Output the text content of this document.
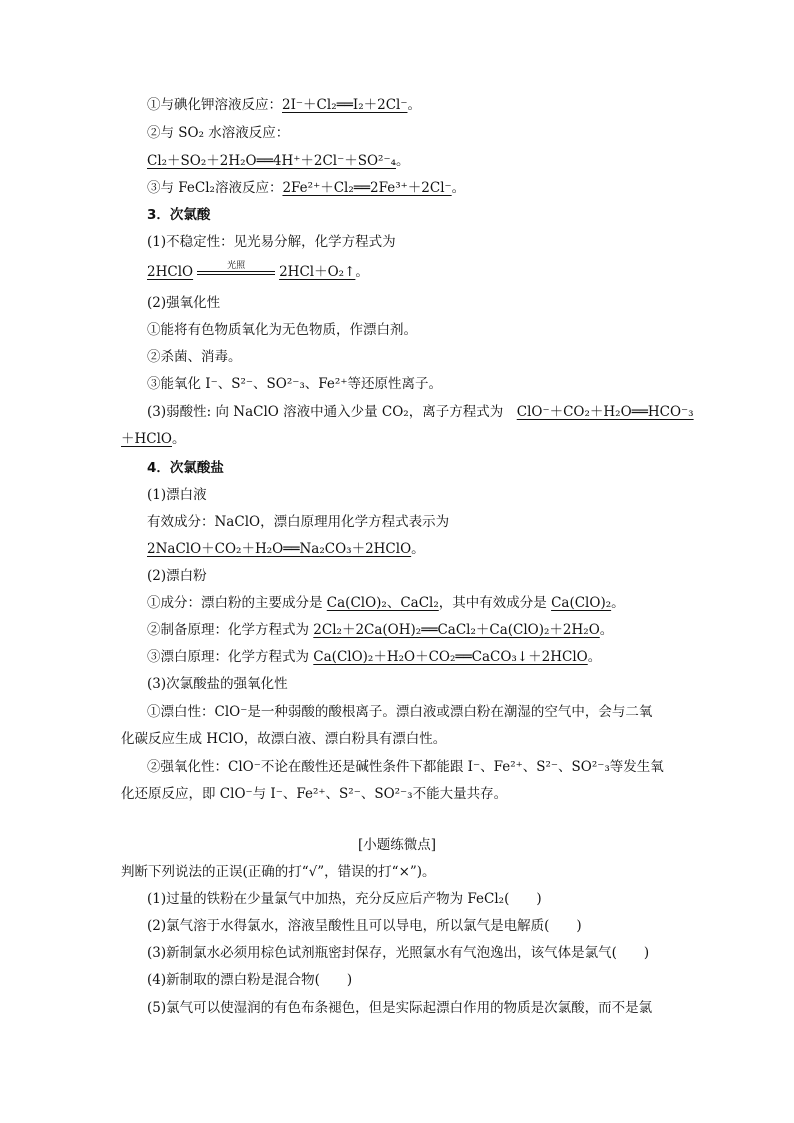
①与碘化钾溶液反应：2I⁻＋Cl₂══I₂＋2Cl⁻。
②与 SO₂ 水溶液反应：
Cl₂＋SO₂＋2H₂O══4H⁺＋2Cl⁻＋SO²⁻₄。
③与 FeCl₂溶液反应：2Fe²⁺＋Cl₂══2Fe³⁺＋2Cl⁻。
3．次氯酸
(1)不稳定性：见光易分解，化学方程式为
2HClO	光照	2HCl＋O₂↑。
(2)强氧化性
①能将有色物质氧化为无色物质，作漂白剂。
②杀菌、消毒。
③能氧化 I⁻、S²⁻、SO²⁻₃、Fe²⁺等还原性离子。
(3)弱酸性: 向 NaClO 溶液中通入少量 CO₂，离子方程式为　 ClO⁻＋CO₂＋H₂O══HCO⁻₃
＋HClO。
4．次氯酸盐
(1)漂白液
有效成分：NaClO，漂白原理用化学方程式表示为
2NaClO＋CO₂＋H₂O══Na₂CO₃＋2HClO。
(2)漂白粉
①成分：漂白粉的主要成分是 Ca(ClO)₂、CaCl₂，其中有效成分是 Ca(ClO)₂。
②制备原理：化学方程式为 2Cl₂＋2Ca(OH)₂══CaCl₂＋Ca(ClO)₂＋2H₂O。
③漂白原理：化学方程式为 Ca(ClO)₂＋H₂O＋CO₂══CaCO₃↓＋2HClO。
(3)次氯酸盐的强氧化性
①漂白性：ClO⁻是一种弱酸的酸根离子。漂白液或漂白粉在潮湿的空气中，会与二氧
化碳反应生成 HClO，故漂白液、漂白粉具有漂白性。
②强氧化性：ClO⁻不论在酸性还是碱性条件下都能跟 I⁻、Fe²⁺、S²⁻、SO²⁻₃等发生氧
化还原反应，即 ClO⁻与 I⁻、Fe²⁺、S²⁻、SO²⁻₃不能大量共存。
[小题练微点]
判断下列说法的正误(正确的打“√”，错误的打“×”)。
(1)过量的铁粉在少量氯气中加热，充分反应后产物为 FeCl₂(　　)
(2)氯气溶于水得氯水，溶液呈酸性且可以导电，所以氯气是电解质(　　)
(3)新制氯水必须用棕色试剂瓶密封保存，光照氯水有气泡逸出，该气体是氯气(　　)
(4)新制取的漂白粉是混合物(　　)
(5)氯气可以使湿润的有色布条褪色，但是实际起漂白作用的物质是次氯酸，而不是氯
